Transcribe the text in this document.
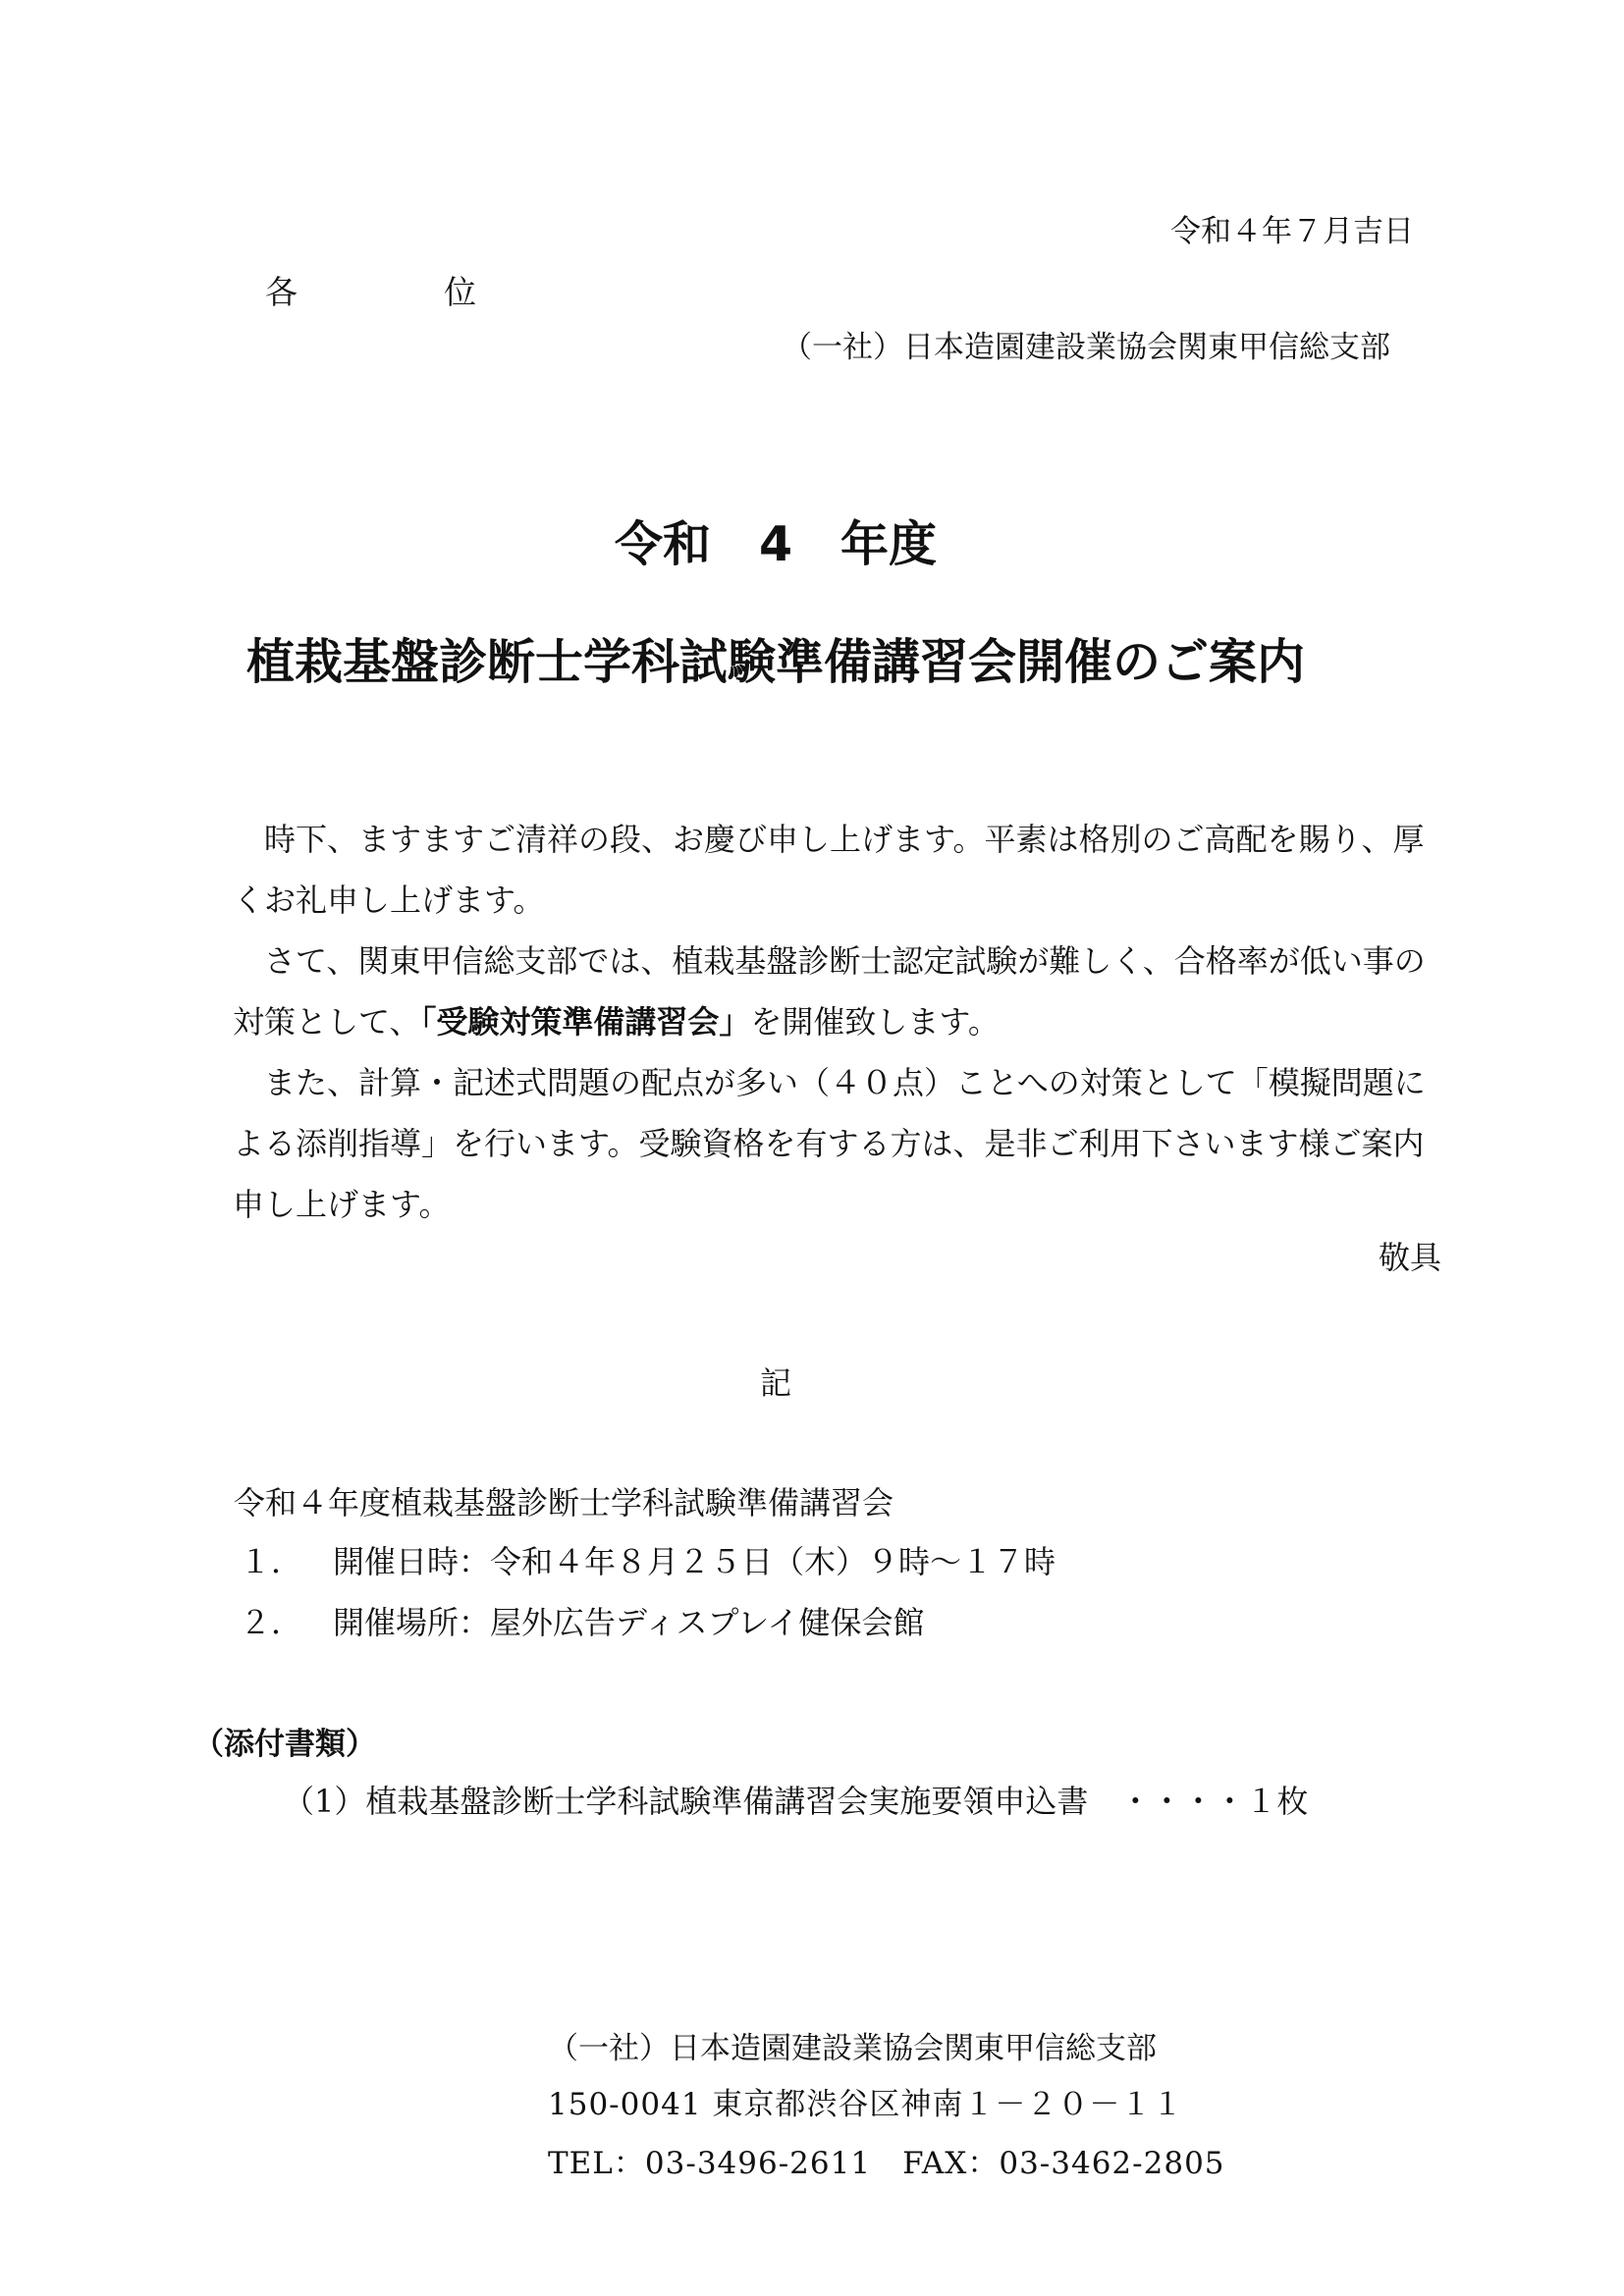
令和４年７月吉日
各　位
（一社）日本造園建設業協会関東甲信総支部
令和　4　年度
植栽基盤診断士学科試験準備講習会開催のご案内

時下、ますますご清祥の段、お慶び申し上げます。平素は格別のご高配を賜り、厚くお礼申し上げます。

さて、関東甲信総支部では、植栽基盤診断士認定試験が難しく、合格率が低い事の対策として、「受験対策準備講習会」を開催致します。

また、計算・記述式問題の配点が多い（４０点）ことへの対策として「模擬問題による添削指導」を行います。受験資格を有する方は、是非ご利用下さいます様ご案内申し上げます。

敬具
記
令和４年度植栽基盤診断士学科試験準備講習会
１． 開催日時：令和４年８月２５日（木）９時～１７時
２． 開催場所：屋外広告ディスプレイ健保会館
（添付書類）
（1）植栽基盤診断士学科試験準備講習会実施要領申込書　・・・・１枚
（一社）日本造園建設業協会関東甲信総支部
150-0041 東京都渋谷区神南１－２０－１１
TEL：03-3496-2611　FAX：03-3462-2805
